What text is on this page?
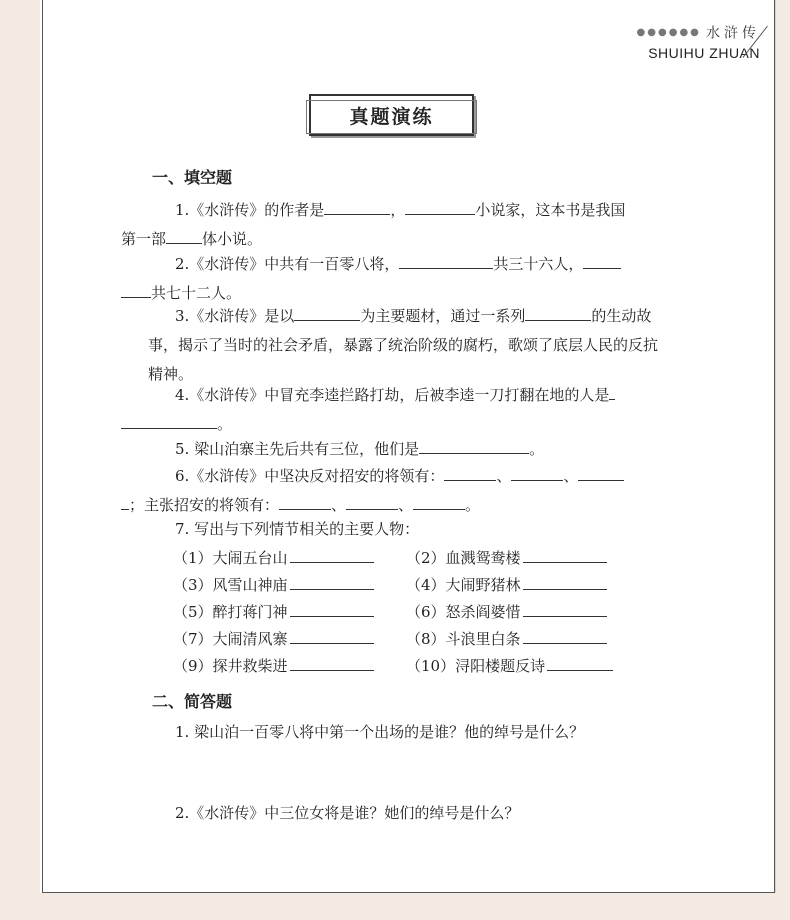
●●●●●● 水浒传
SHUIHU ZHUAN
真题演练
一、填空题
1.《水浒传》的作者是	，	小说家，这本书是我国
第一部 体小说。
2.《水浒传》中共有一百零八将，	共三十六人，
共七十二人。
3.《水浒传》是以	为主要题材，通过一系列	的生动故事，揭示了当时的社会矛盾，暴露了统治阶级的腐朽，歌颂了底层人民的反抗精神。
4.《水浒传》中冒充李逵拦路打劫，后被李逵一刀打翻在地的人是
。
5. 梁山泊寨主先后共有三位，他们是	。
6.《水浒传》中坚决反对招安的将领有：	、	、
；主张招安的将领有：	、	、	。
7. 写出与下列情节相关的主要人物：
（1）大闹五台山	（2）血溅鸳鸯楼
（3）风雪山神庙	（4）大闹野猪林
（5）醉打蒋门神	（6）怒杀阎婆惜
（7）大闹清风寨	（8）斗浪里白条
（9）探井救柴进	（10）浔阳楼题反诗
二、简答题
1. 梁山泊一百零八将中第一个出场的是谁？他的绰号是什么？
2.《水浒传》中三位女将是谁？她们的绰号是什么？
